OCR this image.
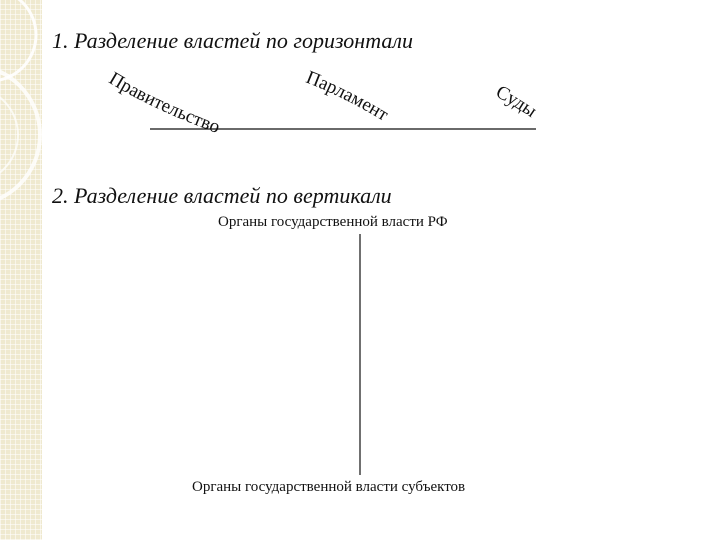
1. Разделение властей по горизонтали
Правительство
Парламент
Суды
2. Разделение властей по вертикали
Органы государственной власти РФ
Органы государственной власти субъектов
